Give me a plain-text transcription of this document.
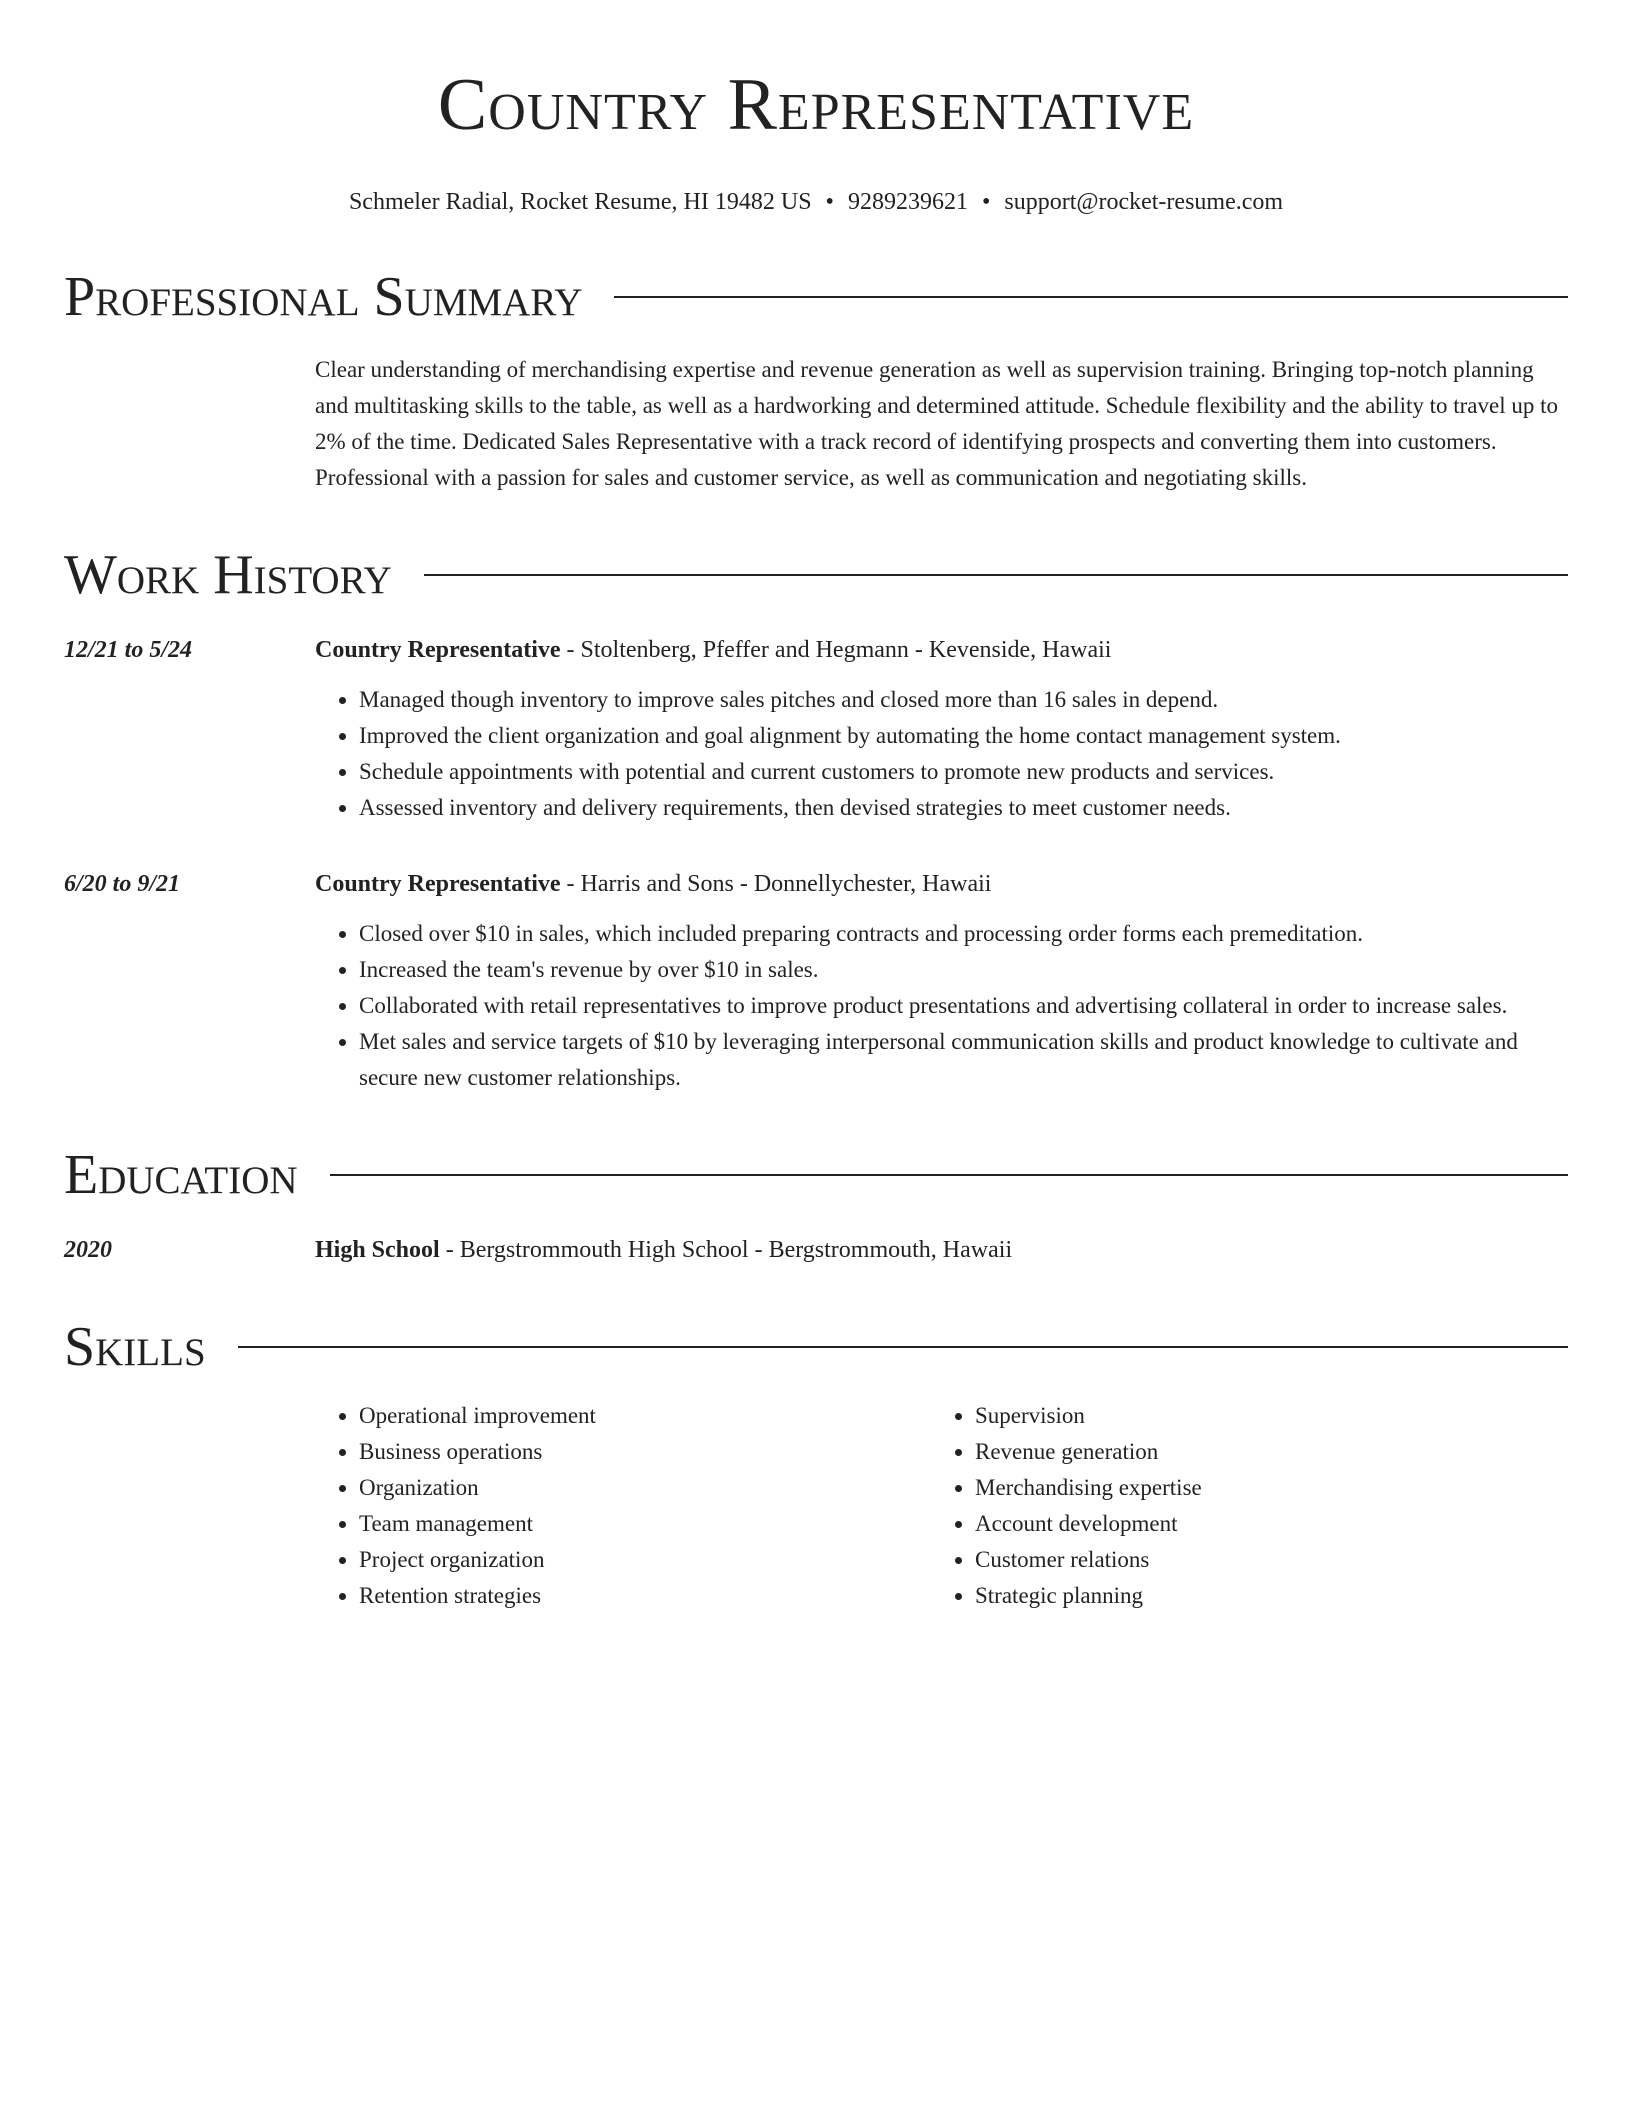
Country Representative
Schmeler Radial, Rocket Resume, HI 19482 US • 9289239621 • support@rocket-resume.com
Professional Summary
Clear understanding of merchandising expertise and revenue generation as well as supervision training. Bringing top-notch planning and multitasking skills to the table, as well as a hardworking and determined attitude. Schedule flexibility and the ability to travel up to 2% of the time. Dedicated Sales Representative with a track record of identifying prospects and converting them into customers. Professional with a passion for sales and customer service, as well as communication and negotiating skills.
Work History
12/21 to 5/24	Country Representative - Stoltenberg, Pfeffer and Hegmann - Kevenside, Hawaii
• Managed though inventory to improve sales pitches and closed more than 16 sales in depend.
• Improved the client organization and goal alignment by automating the home contact management system.
• Schedule appointments with potential and current customers to promote new products and services.
• Assessed inventory and delivery requirements, then devised strategies to meet customer needs.
6/20 to 9/21	Country Representative - Harris and Sons - Donnellychester, Hawaii
• Closed over $10 in sales, which included preparing contracts and processing order forms each premeditation.
• Increased the team's revenue by over $10 in sales.
• Collaborated with retail representatives to improve product presentations and advertising collateral in order to increase sales.
• Met sales and service targets of $10 by leveraging interpersonal communication skills and product knowledge to cultivate and secure new customer relationships.
Education
2020	High School - Bergstrommouth High School - Bergstrommouth, Hawaii
Skills
• Operational improvement
• Business operations
• Organization
• Team management
• Project organization
• Retention strategies
• Supervision
• Revenue generation
• Merchandising expertise
• Account development
• Customer relations
• Strategic planning
